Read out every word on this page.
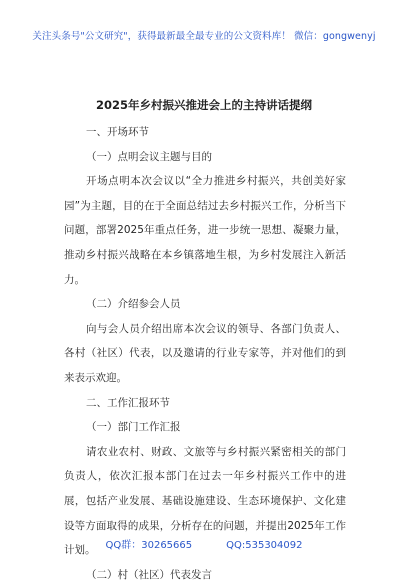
关注头条号"公文研究"，获得最新最全最专业的公文资料库！ 微信：gongwenyj
2025年乡村振兴推进会上的主持讲话提纲
一、开场环节
（一）点明会议主题与目的
开场点明本次会议以“全力推进乡村振兴，共创美好家园”为主题，目的在于全面总结过去乡村振兴工作，分析当下问题，部署2025年重点任务，进一步统一思想、凝聚力量，推动乡村振兴战略在本乡镇落地生根，为乡村发展注入新活力。
（二）介绍参会人员
向与会人员介绍出席本次会议的领导、各部门负责人、各村（社区）代表，以及邀请的行业专家等，并对他们的到来表示欢迎。
二、工作汇报环节
（一）部门工作汇报
请农业农村、财政、文旅等与乡村振兴紧密相关的部门负责人，依次汇报本部门在过去一年乡村振兴工作中的进展，包括产业发展、基础设施建设、生态环境保护、文化建设等方面取得的成果，分析存在的问题，并提出2025年工作计划。
（二）村（社区）代表发言
QQ群：30265665	QQ:535304092
